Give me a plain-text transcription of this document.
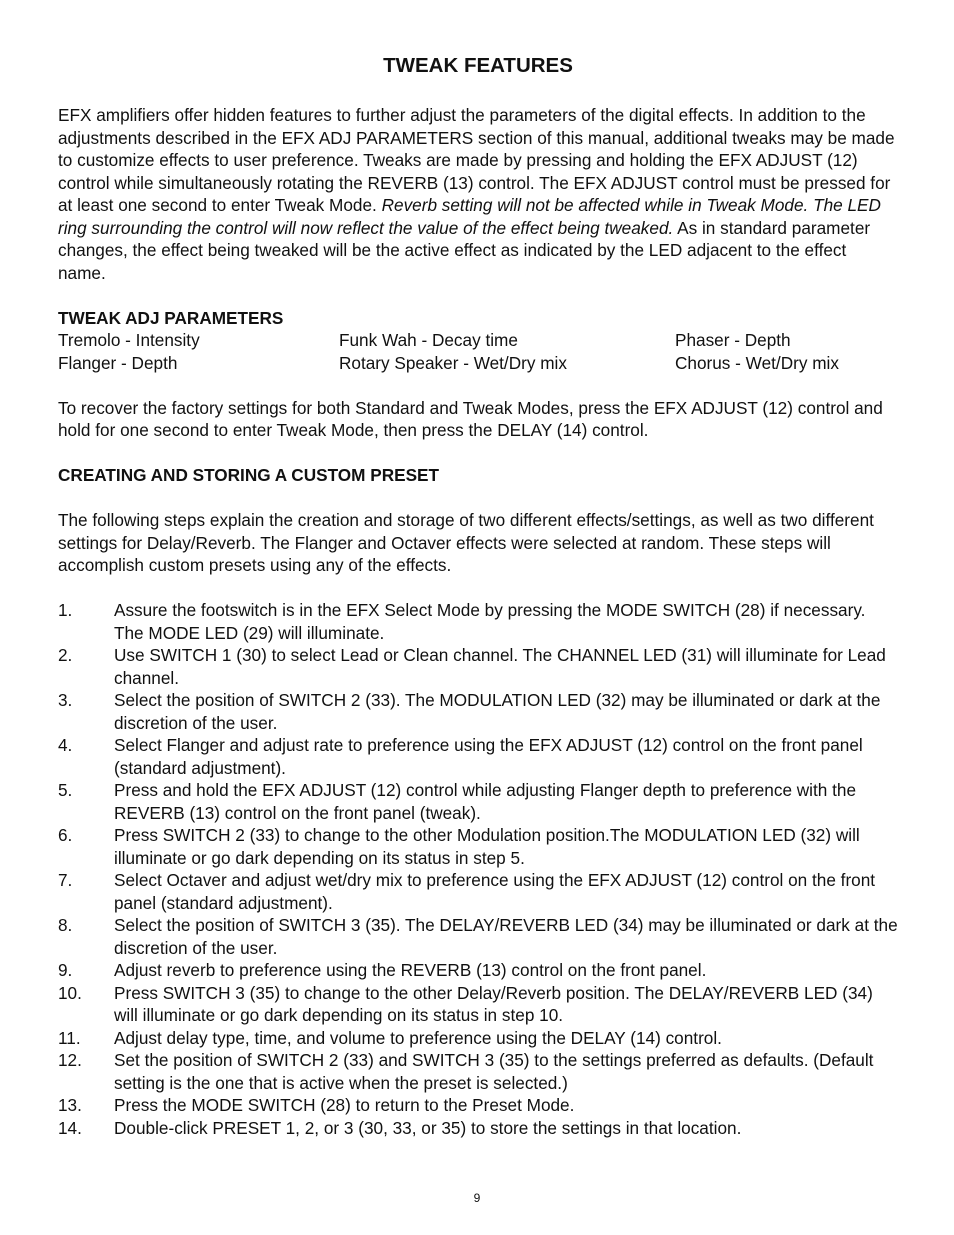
TWEAK FEATURES

EFX amplifiers offer hidden features to further adjust the parameters of the digital effects. In addition to the adjustments described in the EFX ADJ PARAMETERS section of this manual, additional tweaks may be made to customize effects to user preference. Tweaks are made by pressing and holding the EFX ADJUST (12) control while simultaneously rotating the REVERB (13) control. The EFX ADJUST control must be pressed for at least one second to enter Tweak Mode. Reverb setting will not be affected while in Tweak Mode. The LED ring surrounding the control will now reflect the value of the effect being tweaked. As in standard parameter changes, the effect being tweaked will be the active effect as indicated by the LED adjacent to the effect name.

TWEAK ADJ PARAMETERS
Tremolo - Intensity	Funk Wah - Decay time	Phaser - Depth
Flanger - Depth	Rotary Speaker - Wet/Dry mix	Chorus - Wet/Dry mix

To recover the factory settings for both Standard and Tweak Modes, press the EFX ADJUST (12) control and hold for one second to enter Tweak Mode, then press the DELAY (14) control.

CREATING AND STORING A CUSTOM PRESET

The following steps explain the creation and storage of two different effects/settings, as well as two different settings for Delay/Reverb. The Flanger and Octaver effects were selected at random. These steps will accomplish custom presets using any of the effects.

1.	Assure the footswitch is in the EFX Select Mode by pressing the MODE SWITCH (28) if necessary. The MODE LED (29) will illuminate.
2.	Use SWITCH 1 (30) to select Lead or Clean channel. The CHANNEL LED (31) will illuminate for Lead channel.
3.	Select the position of SWITCH 2 (33). The MODULATION LED (32) may be illuminated or dark at the discretion of the user.
4.	Select Flanger and adjust rate to preference using the EFX ADJUST (12) control on the front panel (standard adjustment).
5.	Press and hold the EFX ADJUST (12) control while adjusting Flanger depth to preference with the REVERB (13) control on the front panel (tweak).
6.	Press SWITCH 2 (33) to change to the other Modulation position.The MODULATION LED (32) will illuminate or go dark depending on its status in step 5.
7.	Select Octaver and adjust wet/dry mix to preference using the EFX ADJUST (12) control on the front panel (standard adjustment).
8.	Select the position of SWITCH 3 (35). The DELAY/REVERB LED (34) may be illuminated or dark at the discretion of the user.
9.	Adjust reverb to preference using the REVERB (13) control on the front panel.
10.	Press SWITCH 3 (35) to change to the other Delay/Reverb position. The DELAY/REVERB LED (34) will illuminate or go dark depending on its status in step 10.
11.	Adjust delay type, time, and volume to preference using the DELAY (14) control.
12.	Set the position of SWITCH 2 (33) and SWITCH 3 (35) to the settings preferred as defaults. (Default setting is the one that is active when the preset is selected.)
13.	Press the MODE SWITCH (28) to return to the Preset Mode.
14.	Double-click PRESET 1, 2, or 3 (30, 33, or 35) to store the settings in that location.
9
